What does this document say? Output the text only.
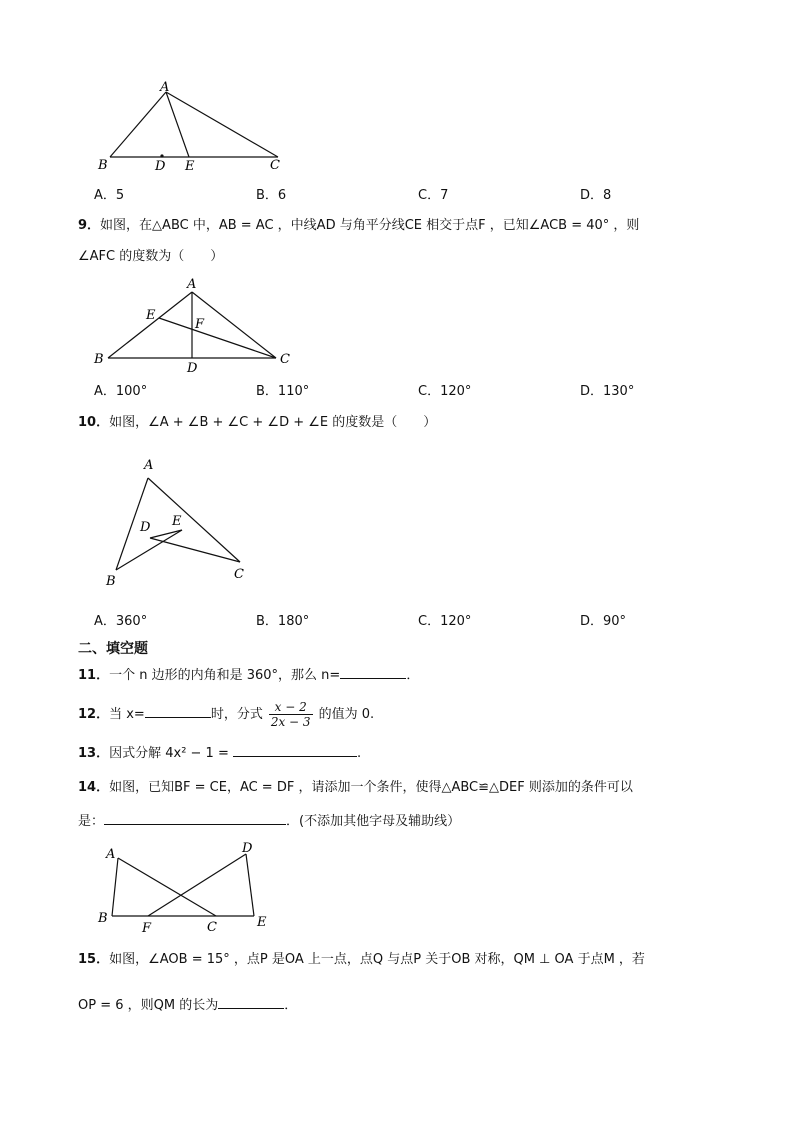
A
B	D E	C
A．5	B．6	C．7	D．8
9．如图，在△ABC 中，AB = AC ，中线AD 与角平分线CE 相交于点F ，已知∠ACB = 40° ，则
∠AFC 的度数为（　　）
A
E
F
B
D
C
A．100°	B．110°	C．120°	D．130°
10．如图，∠A + ∠B + ∠C + ∠D + ∠E 的度数是（　　）
A
D E
B	C
A．360°	B．180°	C．120°	D．90°
二、填空题
11．一个 n 边形的内角和是 360°，那么 n=	．
12．当 x=	时，分式 $\frac{x - 2}{2x - 3}$ 的值为 0.
13．因式分解 4x² − 1 =	.
14．如图，已知BF = CE，AC = DF ，请添加一个条件，使得△ABC≌△DEF 则添加的条件可以
是：	．(不添加其他字母及辅助线）
A	D
B
F	C	E
15．如图，∠AOB = 15° ，点P 是OA 上一点，点Q 与点P 关于OB 对称，QM ⊥ OA 于点M ，若
OP = 6 ，则QM 的长为	．
